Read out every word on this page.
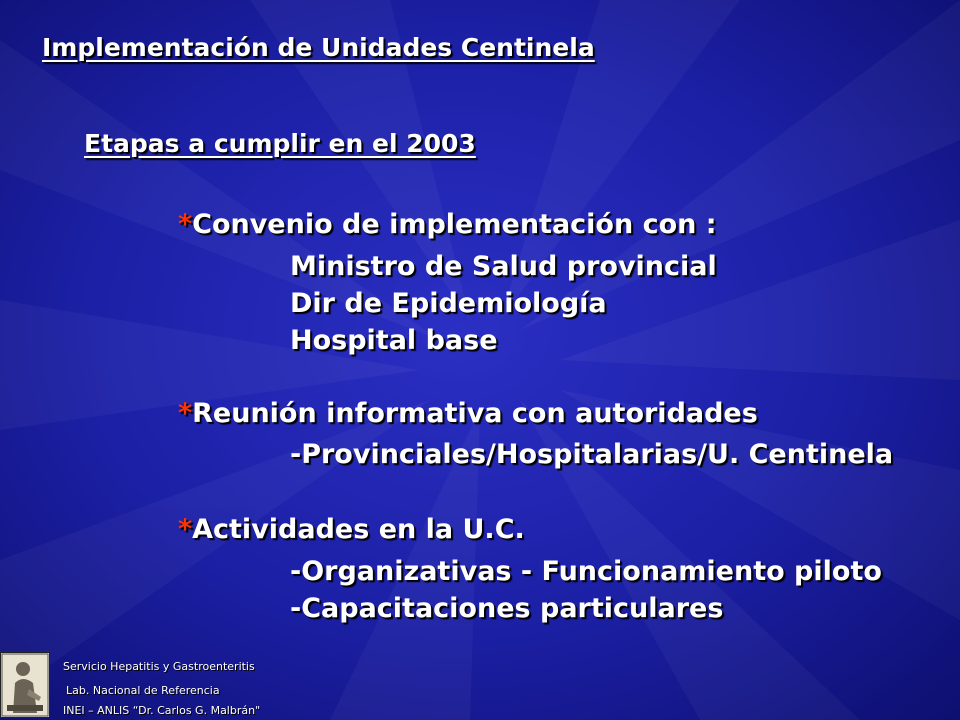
Implementación de Unidades Centinela
Etapas a cumplir en el 2003
*Convenio de implementación con :
Ministro de Salud provincial
Dir de Epidemiología
Hospital base
*Reunión informativa con autoridades
-Provinciales/Hospitalarias/U. Centinela
*Actividades en la U.C.
-Organizativas - Funcionamiento piloto
-Capacitaciones particulares
Servicio Hepatitis y Gastroenteritis
Lab. Nacional de Referencia
INEI – ANLIS “Dr. Carlos G. Malbrán"
